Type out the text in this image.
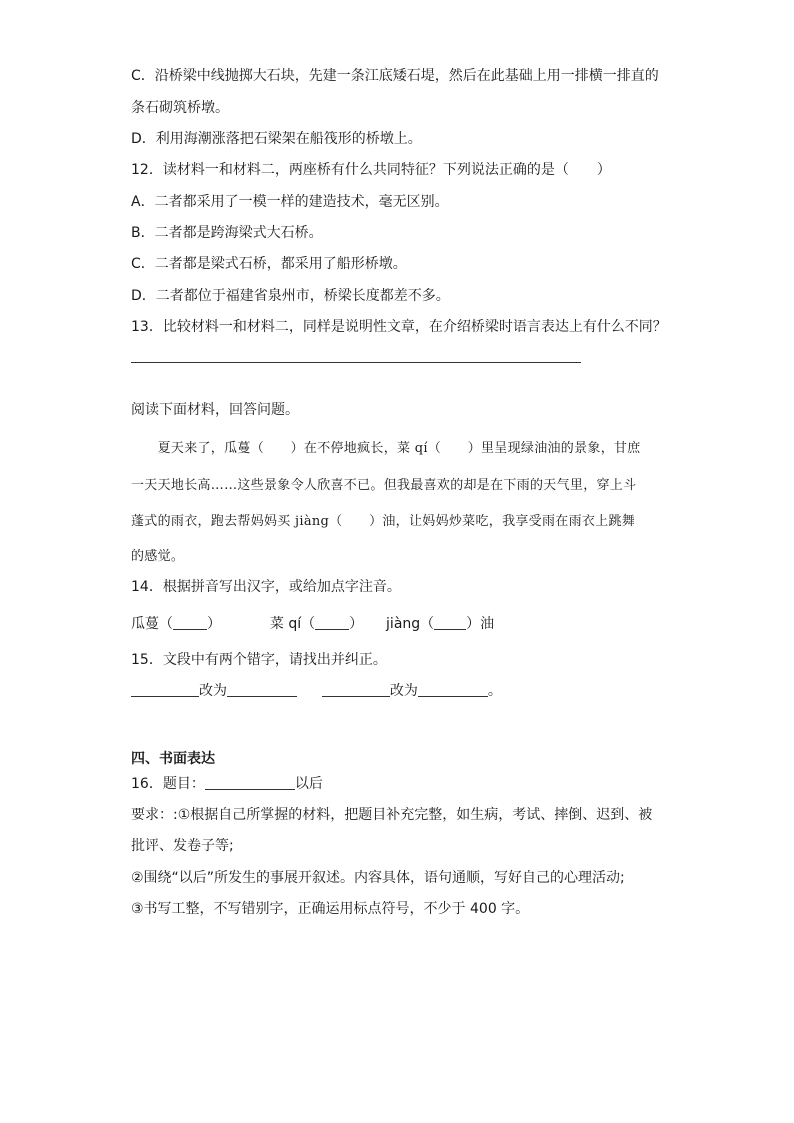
C．沿桥梁中线抛掷大石块，先建一条江底矮石堤，然后在此基础上用一排横一排直的
条石砌筑桥墩。
D．利用海潮涨落把石梁架在船筏形的桥墩上。
12．读材料一和材料二，两座桥有什么共同特征？下列说法正确的是（　　）
A．二者都采用了一模一样的建造技术，毫无区别。
B．二者都是跨海梁式大石桥。
C．二者都是梁式石桥，都采用了船形桥墩。
D．二者都位于福建省泉州市，桥梁长度都差不多。
13．比较材料一和材料二，同样是说明性文章，在介绍桥梁时语言表达上有什么不同？
阅读下面材料，回答问题。
　　夏天来了，瓜蔓（　　）在不停地疯长，菜 qí（　　）里呈现绿油油的景象，甘庶
一天天地长高……这些景象令人欣喜不已。但我最喜欢的却是在下雨的天气里，穿上斗
蓬式的雨衣，跑去帮妈妈买 jiàng（　　）油，让妈妈炒菜吃，我享受雨在雨衣上跳舞
的感觉。
14．根据拼音写出汉字，或给加点字注音。
瓜蔓（ ）	菜 qí（ ） jiàng（ ）油
15．文段中有两个错字，请找出并纠正。
改为	改为	。
四、书面表达
16．题目：	以后
要求：:①根据自己所掌握的材料，把题目补充完整，如生病，考试、摔倒、迟到、被
批评、发卷子等;
②围绕“以后”所发生的事展开叙述。内容具体，语句通顺，写好自己的心理活动;
③书写工整，不写错别字，正确运用标点符号，不少于 400 字。
